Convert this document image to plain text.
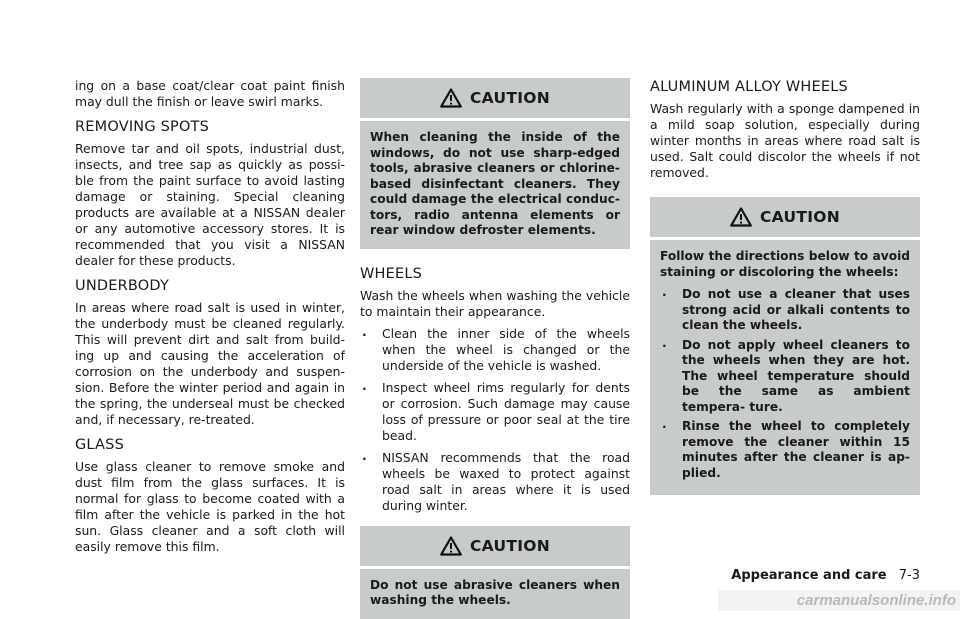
ing on a base coat/clear coat paint finish may dull the finish or leave swirl marks.

REMOVING SPOTS

Remove tar and oil spots, industrial dust, insects, and tree sap as quickly as possi- ble from the paint surface to avoid lasting damage or staining. Special cleaning products are available at a NISSAN dealer or any automotive accessory stores. It is recommended that you visit a NISSAN dealer for these products.

UNDERBODY

In areas where road salt is used in winter, the underbody must be cleaned regularly. This will prevent dirt and salt from build- ing up and causing the acceleration of corrosion on the underbody and suspen- sion. Before the winter period and again in the spring, the underseal must be checked and, if necessary, re-treated.

GLASS

Use glass cleaner to remove smoke and dust film from the glass surfaces. It is normal for glass to become coated with a film after the vehicle is parked in the hot sun. Glass cleaner and a soft cloth will easily remove this film.

CAUTION

When cleaning the inside of the windows, do not use sharp-edged tools, abrasive cleaners or chlorine- based disinfectant cleaners. They could damage the electrical conduc- tors, radio antenna elements or rear window defroster elements.

WHEELS

Wash the wheels when washing the vehicle to maintain their appearance.

. Clean the inner side of the wheels when the wheel is changed or the underside of the vehicle is washed.
. Inspect wheel rims regularly for dents or corrosion. Such damage may cause loss of pressure or poor seal at the tire bead.
. NISSAN recommends that the road wheels be waxed to protect against road salt in areas where it is used during winter.
CAUTION

Do not use abrasive cleaners when washing the wheels.

ALUMINUM ALLOY WHEELS

Wash regularly with a sponge dampened in a mild soap solution, especially during winter months in areas where road salt is used. Salt could discolor the wheels if not removed.

CAUTION

Follow the directions below to avoid staining or discoloring the wheels:

. Do not use a cleaner that uses strong acid or alkali contents to clean the wheels.
. Do not apply wheel cleaners to the wheels when they are hot. The wheel temperature should be the same as ambient tempera- ture.
. Rinse the wheel to completely remove the cleaner within 15 minutes after the cleaner is ap- plied.
Appearance and care 7-3
carmanualsonline.info
